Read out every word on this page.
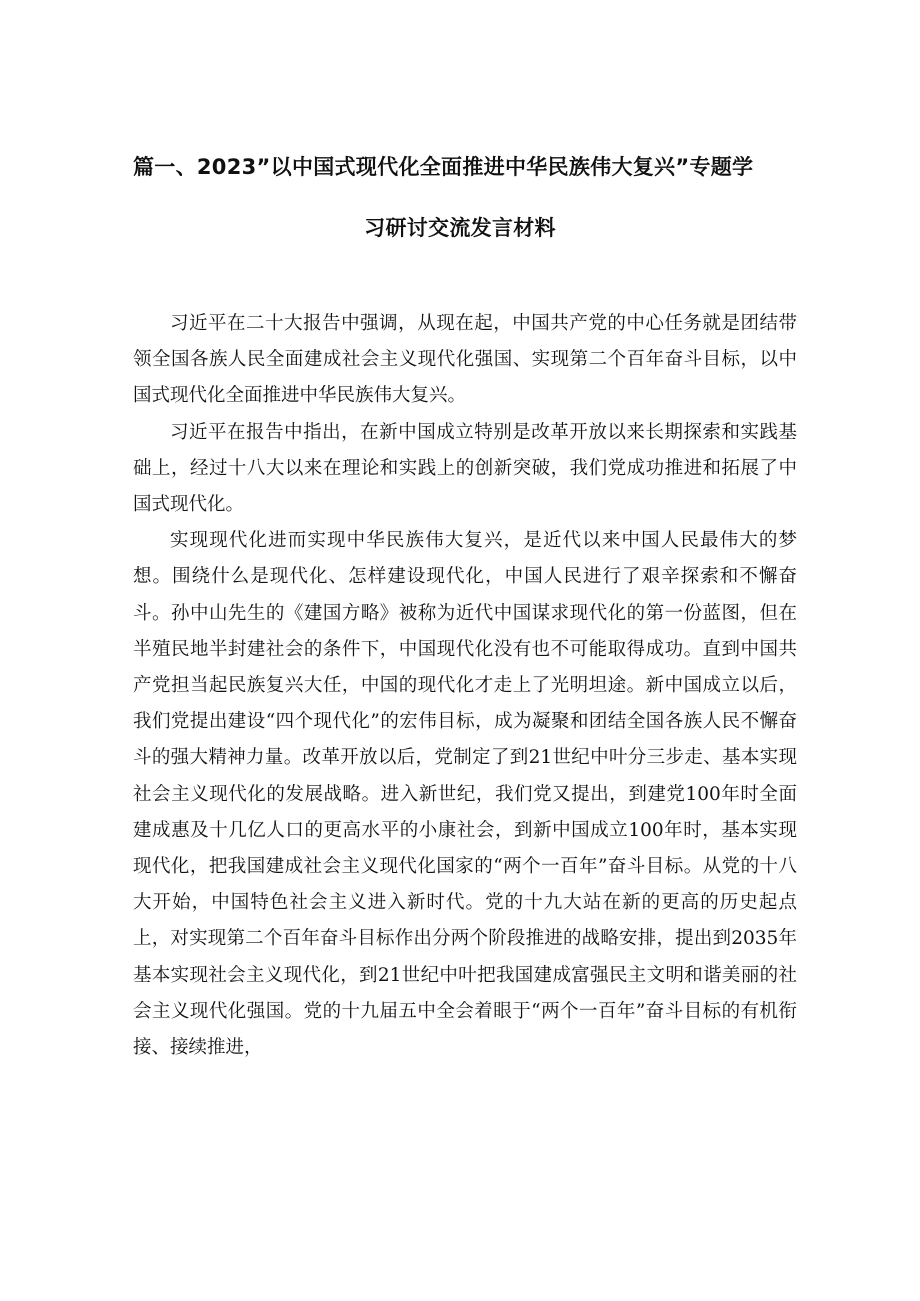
篇一、2023”以中国式现代化全面推进中华民族伟大复兴”专题学
习研讨交流发言材料

习近平在二十大报告中强调，从现在起，中国共产党的中心任务就是团结带领全国各族人民全面建成社会主义现代化强国、实现第二个百年奋斗目标，以中国式现代化全面推进中华民族伟大复兴。

习近平在报告中指出，在新中国成立特别是改革开放以来长期探索和实践基础上，经过十八大以来在理论和实践上的创新突破，我们党成功推进和拓展了中国式现代化。

实现现代化进而实现中华民族伟大复兴，是近代以来中国人民最伟大的梦想。围绕什么是现代化、怎样建设现代化，中国人民进行了艰辛探索和不懈奋斗。孙中山先生的《建国方略》被称为近代中国谋求现代化的第一份蓝图，但在半殖民地半封建社会的条件下，中国现代化没有也不可能取得成功。直到中国共产党担当起民族复兴大任，中国的现代化才走上了光明坦途。新中国成立以后，我们党提出建设“四个现代化”的宏伟目标，成为凝聚和团结全国各族人民不懈奋斗的强大精神力量。改革开放以后，党制定了到21世纪中叶分三步走、基本实现社会主义现代化的发展战略。进入新世纪，我们党又提出，到建党100年时全面建成惠及十几亿人口的更高水平的小康社会，到新中国成立100年时，基本实现现代化，把我国建成社会主义现代化国家的“两个一百年”奋斗目标。从党的十八大开始，中国特色社会主义进入新时代。党的十九大站在新的更高的历史起点上，对实现第二个百年奋斗目标作出分两个阶段推进的战略安排，提出到2035年基本实现社会主义现代化，到21世纪中叶把我国建成富强民主文明和谐美丽的社会主义现代化强国。党的十九届五中全会着眼于“两个一百年”奋斗目标的有机衔接、接续推进，
